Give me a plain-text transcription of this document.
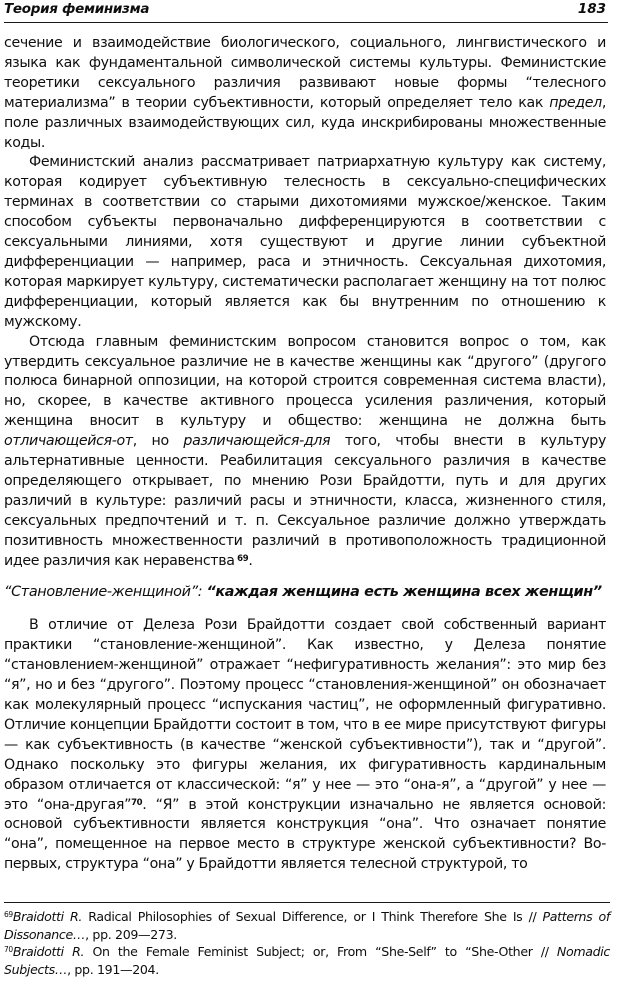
Теория феминизма	183

сечение и взаимодействие биологического, социального, лингвистического и языка как фундаментальной символической системы культуры. Феминистские теоретики сексуального различия развивают новые формы “телесного материализма” в теории субъективности, который определяет тело как предел, поле различных взаимодействующих сил, куда инскрибированы множественные коды.

Феминистский анализ рассматривает патриархатную культуру как систему, которая кодирует субъективную телесность в сексуально-специфических терминах в соответствии со старыми дихотомиями мужское/женское. Таким способом субъекты первоначально дифференцируются в соответствии с сексуальными линиями, хотя существуют и другие линии субъектной дифференциации — например, раса и этничность. Сексуальная дихотомия, которая маркирует культуру, систематически располагает женщину на тот полюс дифференциации, который является как бы внутренним по отношению к мужскому.

Отсюда главным феминистским вопросом становится вопрос о том, как утвердить сексуальное различие не в качестве женщины как “другого” (другого полюса бинарной оппозиции, на которой строится современная система власти), но, скорее, в качестве активного процесса усиления различения, который женщина вносит в культуру и общество: женщина не должна быть отличающейся-от, но различающейся-для того, чтобы внести в культуру альтернативные ценности. Реабилитация сексуального различия в качестве определяющего открывает, по мнению Рози Брайдотти, путь и для других различий в культуре: различий расы и этничности, класса, жизненного стиля, сексуальных предпочтений и т. п. Сексуальное различие должно утверждать позитивность множественности различий в противоположность традиционной идее различия как неравенства $^{69}$.

“Становление-женщиной”: “каждая женщина есть женщина всех женщин”

В отличие от Делеза Рози Брайдотти создает свой собственный вариант практики “становление-женщиной”. Как известно, у Делеза понятие “становлением-женщиной” отражает “нефигуративность желания”: это мир без “я”, но и без “другого”. Поэтому процесс “становления-женщиной” он обозначает как молекулярный процесс “испускания частиц”, не оформленный фигуративно. Отличие концепции Брайдотти состоит в том, что в ее мире присутствуют фигуры — как субъективность (в качестве “женской субъективности”), так и “другой”. Однако поскольку это фигуры желания, их фигуративность кардинальным образом отличается от классической: “я” у нее — это “она-я”, а “другой” у нее — это “она-другая”$^{70}$. “Я” в этой конструкции изначально не является основой: основой субъективности является конструкция “она”. Что означает понятие “она”, помещенное на первое место в структуре женской субъективности? Во-первых, структура “она” у Брайдотти является телесной структурой, то

$^{69}$Braidotti R. Radical Philosophies of Sexual Difference, or I Think Therefore She Is // Patterns of Dissonance…, pp. 209—273.

$^{70}$Braidotti R. On the Female Feminist Subject; or, From “She-Self” to “She-Other // Nomadic Subjects…, pp. 191—204.
